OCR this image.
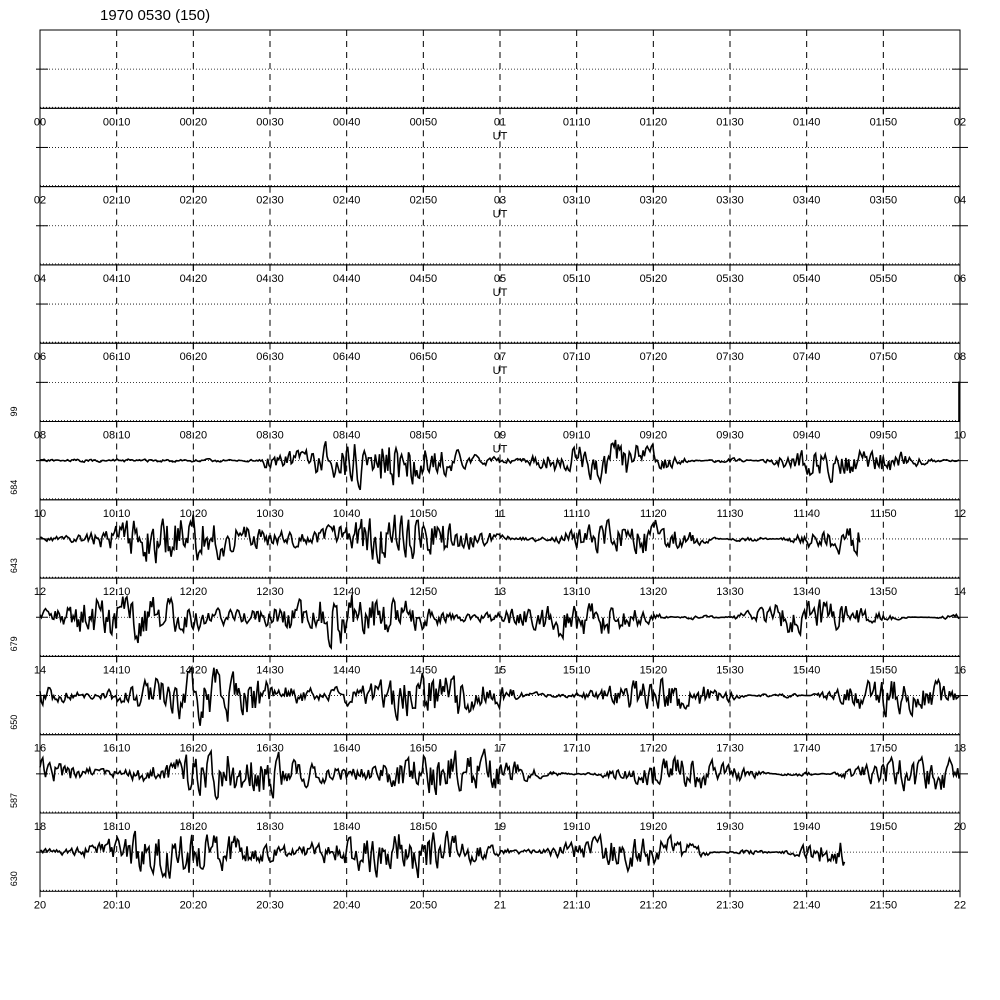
1970 0530 (150)
00	00:10	00:20	00:30	00:40	00:50	01	01:10	01:20	01:30	01:40	01:50	02
UT
02	02:10	02:20	02:30	02:40	02:50	03	03:10	03:20	03:30	03:40	03:50	04
UT
04	04:10	04:20	04:30	04:40	04:50	05	05:10	05:20	05:30	05:40	05:50	06
UT
06	06:10	06:20	06:30	06:40	06:50	07	07:10	07:20	07:30	07:40	07:50	08
UT
08	08:10	08:20	08:30	08:40	08:50	09	09:10	09:20	09:30	09:40	09:50	10
UT
99
10	10:10	10:20	10:30	10:40	10:50	11	11:10	11:20	11:30	11:40	11:50	12
684
12	12:10	12:20	12:30	12:40	12:50	13	13:10	13:20	13:30	13:40	13:50	14
643
14	14:10	14:20	14:30	14:40	14:50	15	15:10	15:20	15:30	15:40	15:50	16
679
16	16:10	16:20	16:30	16:40	16:50	17	17:10	17:20	17:30	17:40	17:50	18
650
18	18:10	18:20	18:30	18:40	18:50	19	19:10	19:20	19:30	19:40	19:50	20
587
20	20:10	20:20	20:30	20:40	20:50	21	21:10	21:20	21:30	21:40	21:50	22
630
